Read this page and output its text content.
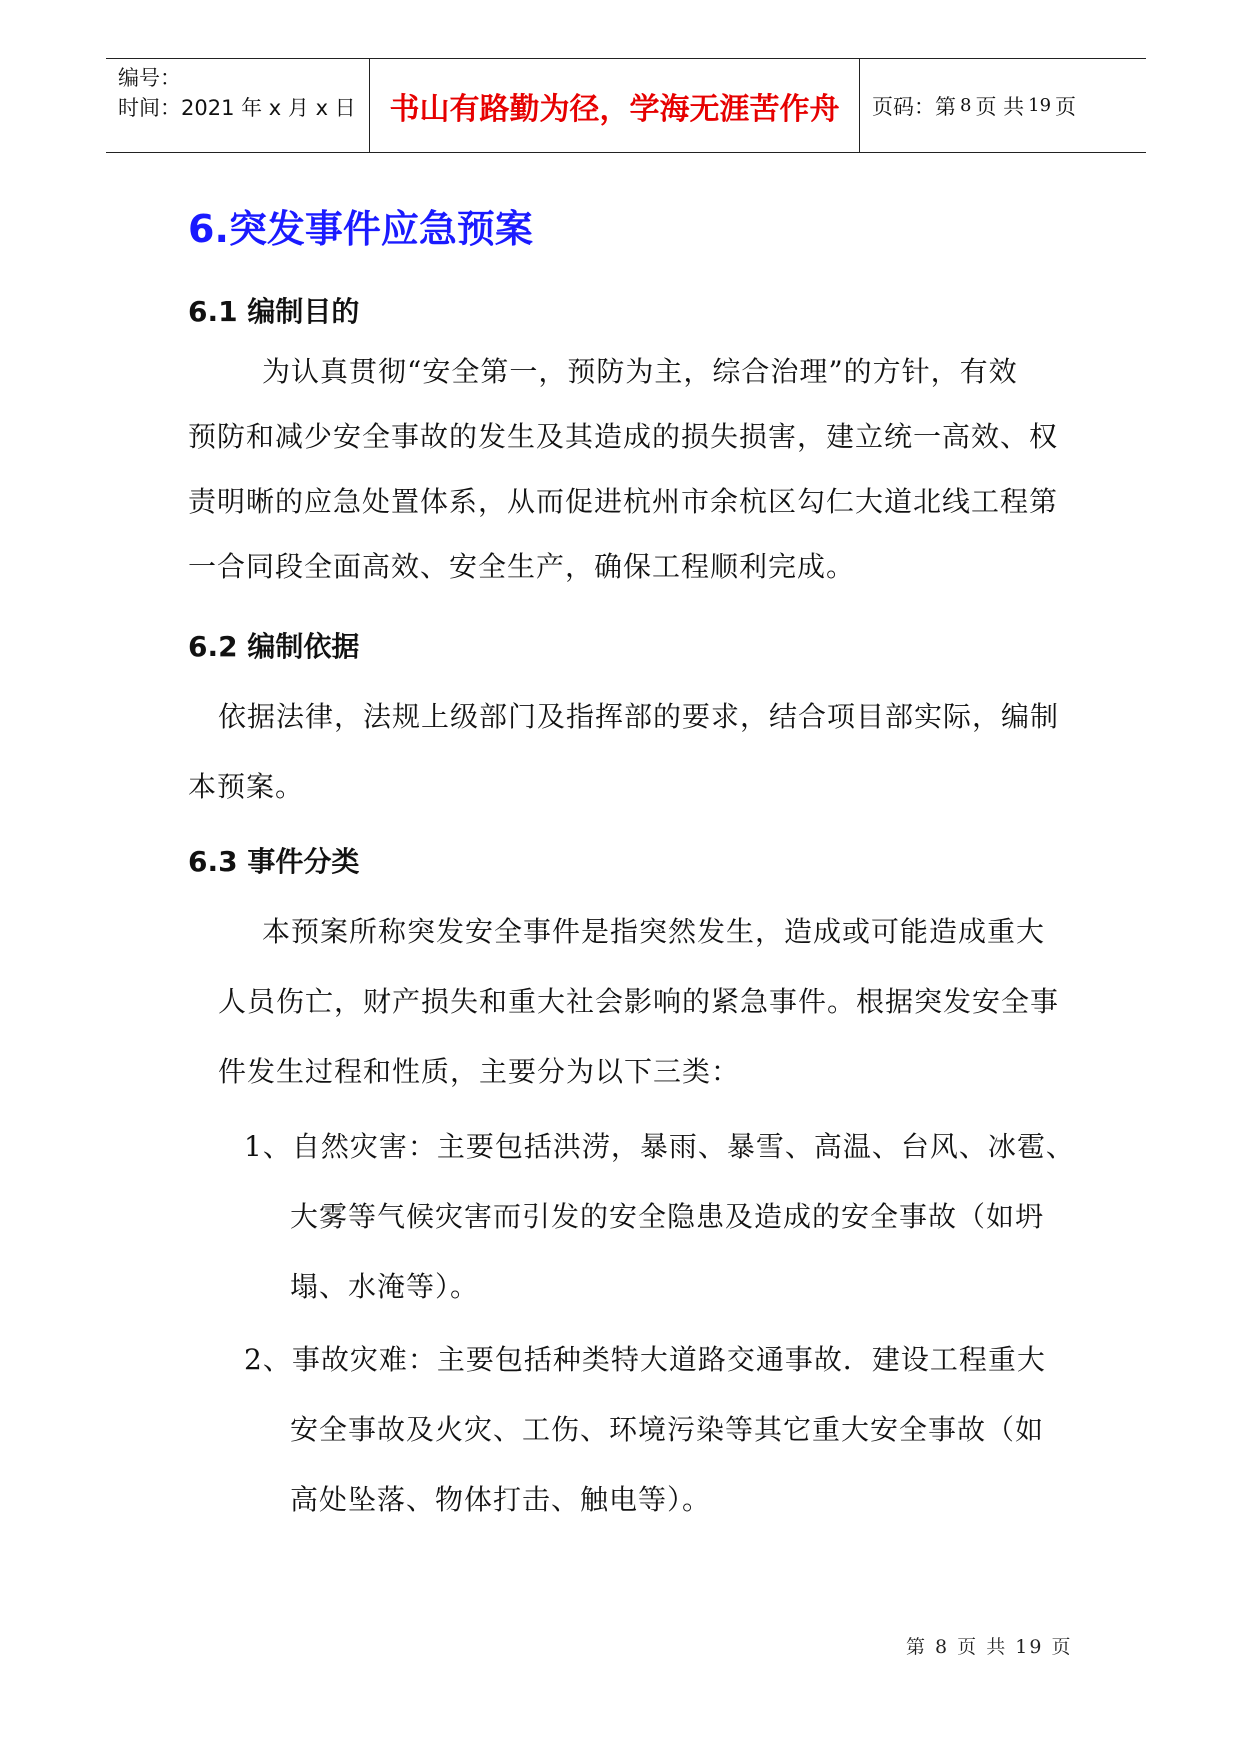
编号：
时间：2021 年 x 月 x 日	书山有路勤为径，学海无涯苦作舟	页码：第 8 页 共 19 页
6.突发事件应急预案
6.1 编制目的
为认真贯彻“安全第一，预防为主，综合治理”的方针，有效
预防和减少安全事故的发生及其造成的损失损害，建立统一高效、权
责明晰的应急处置体系，从而促进杭州市余杭区勾仁大道北线工程第
一合同段全面高效、安全生产，确保工程顺利完成。
6.2 编制依据
依据法律，法规上级部门及指挥部的要求，结合项目部实际，编制
本预案。
6.3 事件分类
本预案所称突发安全事件是指突然发生，造成或可能造成重大
人员伤亡，财产损失和重大社会影响的紧急事件。根据突发安全事
件发生过程和性质，主要分为以下三类：
1、自然灾害：主要包括洪涝，暴雨、暴雪、高温、台风、冰雹、
大雾等气候灾害而引发的安全隐患及造成的安全事故（如坍
塌、水淹等）。
2、事故灾难：主要包括种类特大道路交通事故．建设工程重大
安全事故及火灾、工伤、环境污染等其它重大安全事故（如
高处坠落、物体打击、触电等）。
第 8 页 共 19 页
